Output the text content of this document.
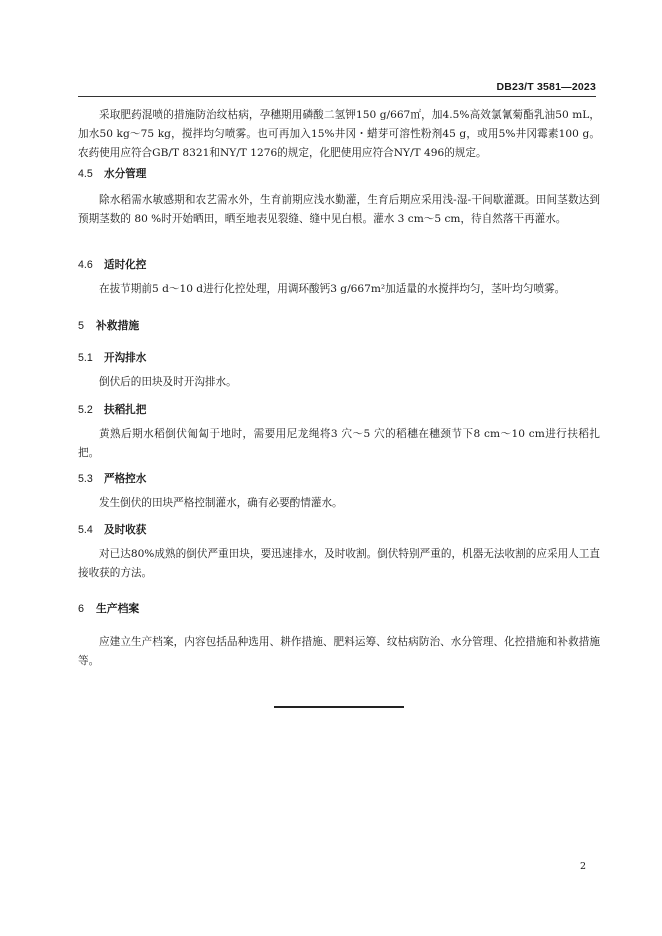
DB23/T 3581—2023

采取肥药混喷的措施防治纹枯病，孕穗期用磷酸二氢钾150 g/667㎡，加4.5%高效氯氰菊酯乳油50 mL，加水50 kg～75 kg，搅拌均匀喷雾。也可再加入15%井冈・蜡芽可溶性粉剂45 g，或用5%井冈霉素100 g。农药使用应符合GB/T 8321和NY/T 1276的规定，化肥使用应符合NY/T 496的规定。

4.5 水分管理

除水稻需水敏感期和农艺需水外，生育前期应浅水勤灌，生育后期应采用浅-湿-干间歇灌溉。田间茎数达到预期茎数的 80 %时开始晒田，晒至地表见裂缝、缝中见白根。灌水 3 cm～5 cm，待自然落干再灌水。

4.6 适时化控

在拔节期前5 d～10 d进行化控处理，用调环酸钙3 g/667m²加适量的水搅拌均匀，茎叶均匀喷雾。

5 补救措施
5.1 开沟排水

倒伏后的田块及时开沟排水。

5.2 扶稻扎把

黄熟后期水稻倒伏匍匐于地时，需要用尼龙绳将3 穴～5 穴的稻穗在穗颈节下8 cm～10 cm进行扶稻扎把。

5.3 严格控水

发生倒伏的田块严格控制灌水，确有必要酌情灌水。

5.4 及时收获

对已达80%成熟的倒伏严重田块，要迅速排水，及时收割。倒伏特别严重的，机器无法收割的应采用人工直接收获的方法。

6 生产档案

应建立生产档案，内容包括品种选用、耕作措施、肥料运筹、纹枯病防治、水分管理、化控措施和补救措施等。

2
